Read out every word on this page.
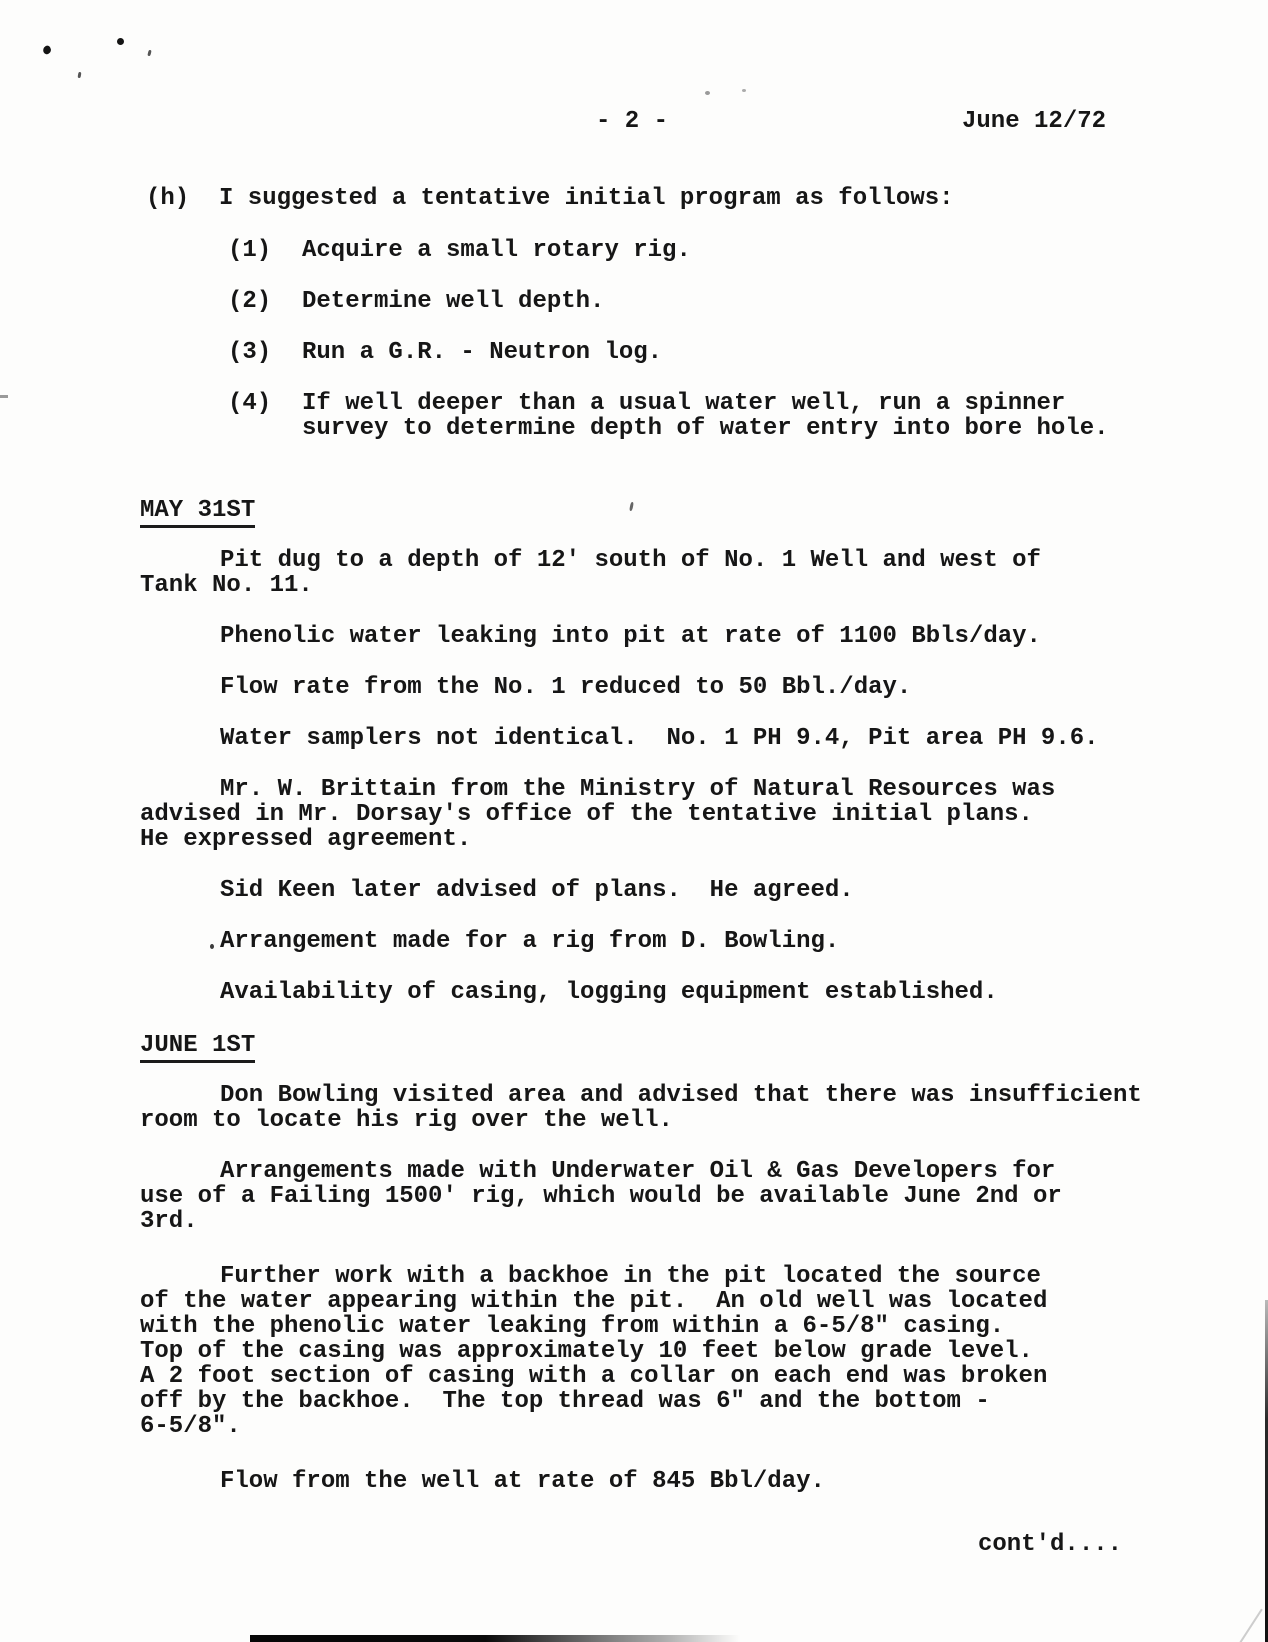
- 2 -	June 12/72
(h)	I suggested a tentative initial program as follows:
(1)	Acquire a small rotary rig.
(2)	Determine well depth.
(3)	Run a G.R. - Neutron log.
(4)	If well deeper than a usual water well, run a spinner
survey to determine depth of water entry into bore hole.
MAY 31ST
Pit dug to a depth of 12' south of No. 1 Well and west of
Tank No. 11.
Phenolic water leaking into pit at rate of 1100 Bbls/day.
Flow rate from the No. 1 reduced to 50 Bbl./day.
Water samplers not identical.  No. 1 PH 9.4, Pit area PH 9.6.
Mr. W. Brittain from the Ministry of Natural Resources was
advised in Mr. Dorsay's office of the tentative initial plans.
He expressed agreement.
Sid Keen later advised of plans.  He agreed.
Arrangement made for a rig from D. Bowling.
Availability of casing, logging equipment established.
JUNE 1ST
Don Bowling visited area and advised that there was insufficient
room to locate his rig over the well.
Arrangements made with Underwater Oil & Gas Developers for
use of a Failing 1500' rig, which would be available June 2nd or
3rd.
Further work with a backhoe in the pit located the source
of the water appearing within the pit.  An old well was located
with the phenolic water leaking from within a 6-5/8" casing.
Top of the casing was approximately 10 feet below grade level.
A 2 foot section of casing with a collar on each end was broken
off by the backhoe.  The top thread was 6" and the bottom -
6-5/8".
Flow from the well at rate of 845 Bbl/day.
cont'd....
